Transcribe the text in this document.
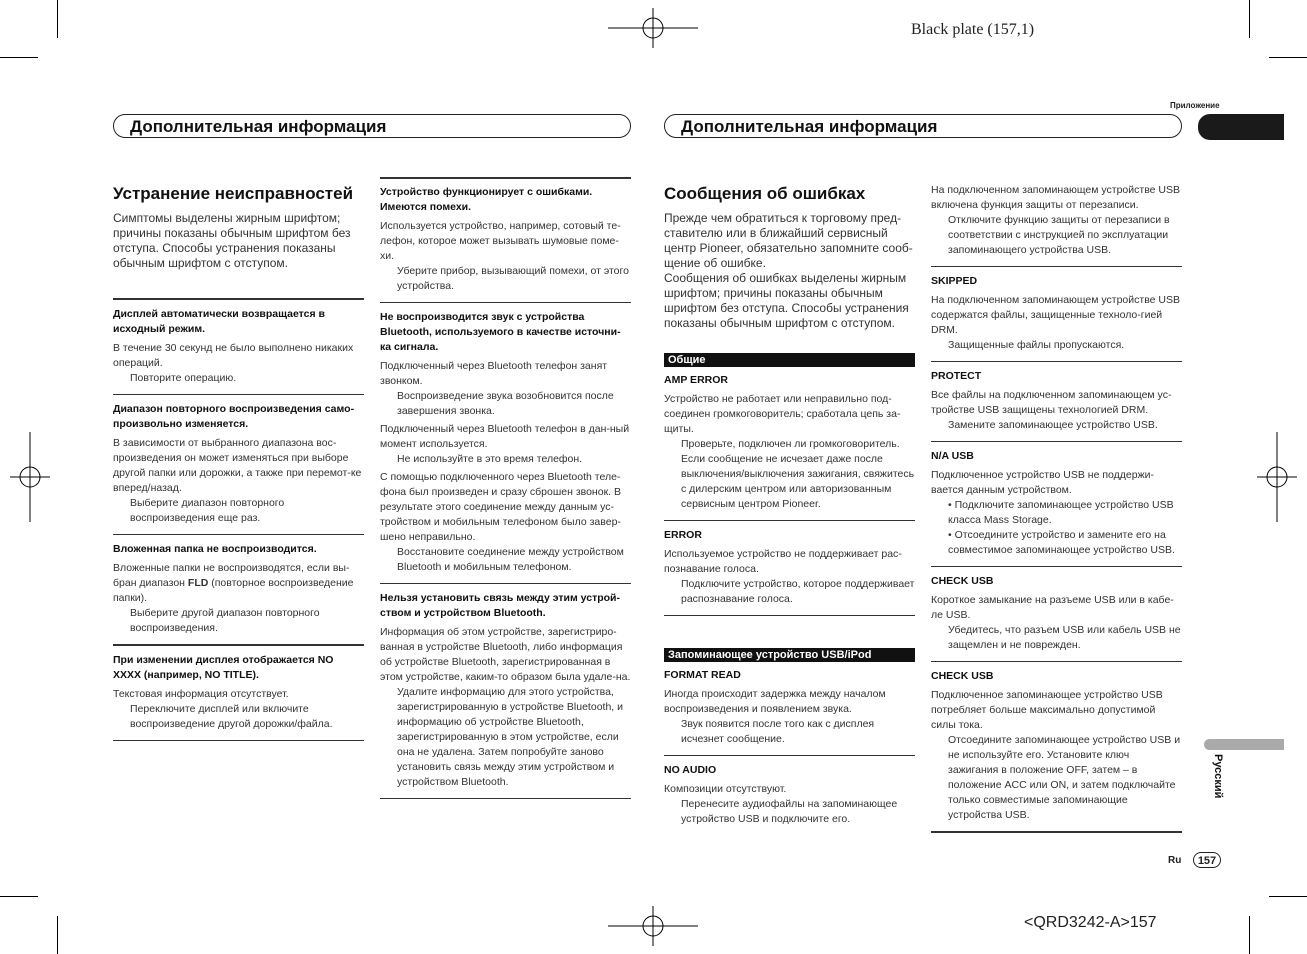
Black plate (157,1)
<QRD3242-A>157
Приложение
Русский
Ru	157
Дополнительная информация	Дополнительная информация
Устранение неисправностей

Симптомы выделены жирным шрифтом; причины показаны обычным шрифтом без отступа. Способы устранения показаны обычным шрифтом с отступом.

Дисплей автоматически возвращается в исходный режим.

В течение 30 секунд не было выполнено никаких операций.

Повторите операцию.

Диапазон повторного воспроизведения само-произвольно изменяется.

В зависимости от выбранного диапазона вос-произведения он может изменяться при выборе другой папки или дорожки, а также при перемот-ке вперед/назад.

Выберите диапазон повторного воспроизведения еще раз.

Вложенная папка не воспроизводится.

Вложенные папки не воспроизводятся, если вы-бран диапазон FLD (повторное воспроизведение папки).

Выберите другой диапазон повторного воспроизведения.

При изменении дисплея отображается NO XXXX (например, NO TITLE).

Текстовая информация отсутствует.

Переключите дисплей или включите воспроизведение другой дорожки/файла.

Устройство функционирует с ошибками. Имеются помехи.

Используется устройство, например, сотовый те-лефон, которое может вызывать шумовые поме-хи.

Уберите прибор, вызывающий помехи, от этого устройства.

Не воспроизводится звук с устройства Bluetooth, используемого в качестве источни-ка сигнала.

Подключенный через Bluetooth телефон занят звонком.

Воспроизведение звука возобновится после завершения звонка.

Подключенный через Bluetooth телефон в дан-ный момент используется.

Не используйте в это время телефон.

С помощью подключенного через Bluetooth теле-фона был произведен и сразу сброшен звонок. В результате этого соединение между данным ус-тройством и мобильным телефоном было завер-шено неправильно.

Восстановите соединение между устройством Bluetooth и мобильным телефоном.

Нельзя установить связь между этим устрой-ством и устройством Bluetooth.

Информация об этом устройстве, зарегистриро-ванная в устройстве Bluetooth, либо информация об устройстве Bluetooth, зарегистрированная в этом устройстве, каким-то образом была удале-на.

Удалите информацию для этого устройства, зарегистрированную в устройстве Bluetooth, и информацию об устройстве Bluetooth, зарегистрированную в этом устройстве, если она не удалена. Затем попробуйте заново установить связь между этим устройством и устройством Bluetooth.

Сообщения об ошибках

Прежде чем обратиться к торговому пред-ставителю или в ближайший сервисный центр Pioneer, обязательно запомните сооб-щение об ошибке.

Сообщения об ошибках выделены жирным шрифтом; причины показаны обычным шрифтом без отступа. Способы устранения показаны обычным шрифтом с отступом.

Общие

AMP ERROR

Устройство не работает или неправильно под-соединен громкоговоритель; сработала цепь за-щиты.

Проверьте, подключен ли громкоговоритель. Если сообщение не исчезает даже после выключения/выключения зажигания, свяжитесь с дилерским центром или авторизованным сервисным центром Pioneer.

ERROR

Используемое устройство не поддерживает рас-познавание голоса.

Подключите устройство, которое поддерживает распознавание голоса.

Запоминающее устройство USB/iPod

FORMAT READ

Иногда происходит задержка между началом воспроизведения и появлением звука.

Звук появится после того как с дисплея исчезнет сообщение.

NO AUDIO

Композиции отсутствуют.

Перенесите аудиофайлы на запоминающее устройство USB и подключите его.

На подключенном запоминающем устройстве USB включена функция защиты от перезаписи.

Отключите функцию защиты от перезаписи в соответствии с инструкцией по эксплуатации запоминающего устройства USB.

SKIPPED

На подключенном запоминающем устройстве USB содержатся файлы, защищенные техноло-гией DRM.

Защищенные файлы пропускаются.

PROTECT

Все файлы на подключенном запоминающем ус-тройстве USB защищены технологией DRM.

Замените запоминающее устройство USB.

N/A USB

Подключенное устройство USB не поддержи-вается данным устройством.

• Подключите запоминающее устройство USB класса Mass Storage.

• Отсоедините устройство и замените его на совместимое запоминающее устройство USB.

CHECK USB

Короткое замыкание на разъеме USB или в кабе-ле USB.

Убедитесь, что разъем USB или кабель USB не защемлен и не поврежден.

CHECK USB

Подключенное запоминающее устройство USB потребляет больше максимально допустимой силы тока.

Отсоедините запоминающее устройство USB и не используйте его. Установите ключ зажигания в положение OFF, затем – в положение ACC или ON, и затем подключайте только совместимые запоминающие устройства USB.
